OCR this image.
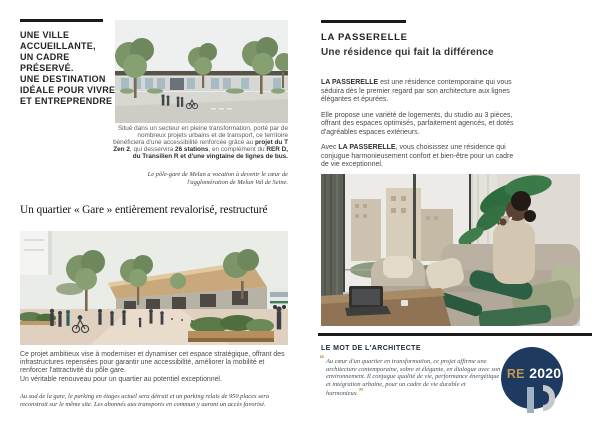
UNE VILLE
ACCUEILLANTE,
UN CADRE PRÉSERVÉ.
UNE DESTINATION
IDÉALE POUR VIVRE
ET ENTREPRENDRE
Situé dans un secteur en pleine transformation, porté par de nombreux projets urbains et de transport, ce territoire bénéficiera d'une accessibilité renforcée grâce au projet du T Zen 2, qui desservira 26 stations, en complément du RER D, du Transilien R et d'une vingtaine de lignes de bus.
Le pôle-gare de Melun a vocation à devenir le cœur de l'agglomération de Melun Val de Seine.
Un quartier « Gare » entièrement revalorisé, restructuré

Ce projet ambitieux vise à moderniser et dynamiser cet espace stratégique, offrant des infrastructures repensées pour garantir une accessibilité, améliorer la mobilité et renforcer l'attractivité du pôle gare.

Un véritable renouveau pour un quartier au potentiel exceptionnel.

Au sud de la gare, le parking en étages actuel sera détruit et un parking relais de 950 places sera reconstruit sur le même site. Les abonnés aux transports en commun y auront un accès favorisé.
LA PASSERELLE
Une résidence qui fait la différence

LA PASSERELLE est une résidence contemporaine qui vous séduira dès le premier regard par son architecture aux lignes élégantes et épurées.

Elle propose une variété de logements, du studio au 3 pièces, offrant des espaces optimisés, parfaitement agencés, et dotés d'agréables espaces extérieurs.

Avec LA PASSERELLE, vous choisissez une résidence qui conjugue harmonieusement confort et bien-être pour un cadre de vie exceptionnel.

LE MOT DE L'ARCHITECTE
“ Au cœur d'un quartier en transformation, ce projet affirme une architecture contemporaine, sobre et élégante, en dialogue avec son environnement. Il conjugue qualité de vie, performance énergétique et intégration urbaine, pour un cadre de vie durable et harmonieux.”
RE 2020
